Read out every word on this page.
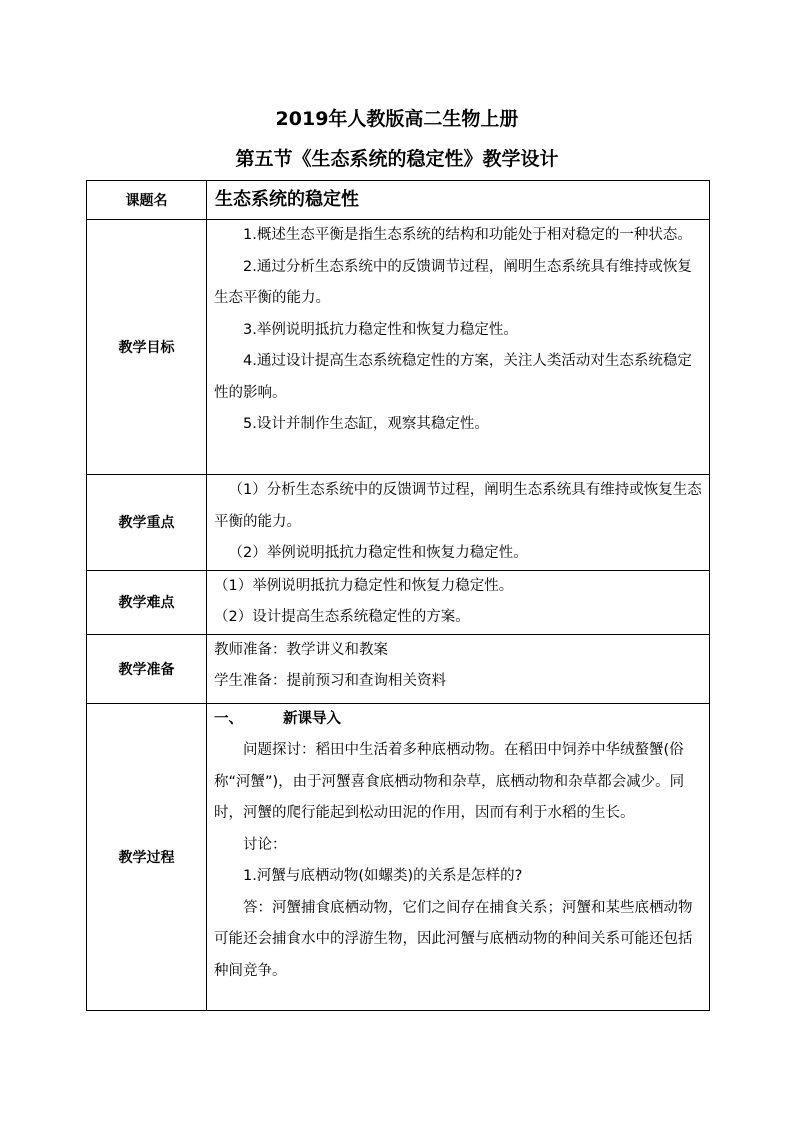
2019年人教版高二生物上册
第五节《生态系统的稳定性》教学设计
课题名	生态系统的稳定性
教学目标	1.概述生态平衡是指生态系统的结构和功能处于相对稳定的一种状态。

2.通过分析生态系统中的反馈调节过程，阐明生态系统具有维持或恢复生态平衡的能力。

3.举例说明抵抗力稳定性和恢复力稳定性。

4.通过设计提高生态系统稳定性的方案，关注人类活动对生态系统稳定性的影响。

5.设计并制作生态缸，观察其稳定性。

教学重点	（1）分析生态系统中的反馈调节过程，阐明生态系统具有维持或恢复生态平衡的能力。

（2）举例说明抵抗力稳定性和恢复力稳定性。

教学难点	（1）举例说明抵抗力稳定性和恢复力稳定性。

（2）设计提高生态系统稳定性的方案。

教学准备	教师准备：教学讲义和教案

学生准备：提前预习和查询相关资料

教学过程	一、 新课导入

问题探讨：稻田中生活着多种底栖动物。在稻田中饲养中华绒螯蟹(俗称“河蟹”)，由于河蟹喜食底栖动物和杂草，底栖动物和杂草都会减少。同时，河蟹的爬行能起到松动田泥的作用，因而有利于水稻的生长。

讨论：

1.河蟹与底栖动物(如螺类)的关系是怎样的?

答：河蟹捕食底栖动物，它们之间存在捕食关系；河蟹和某些底栖动物可能还会捕食水中的浮游生物，因此河蟹与底栖动物的种间关系可能还包括种间竞争。
